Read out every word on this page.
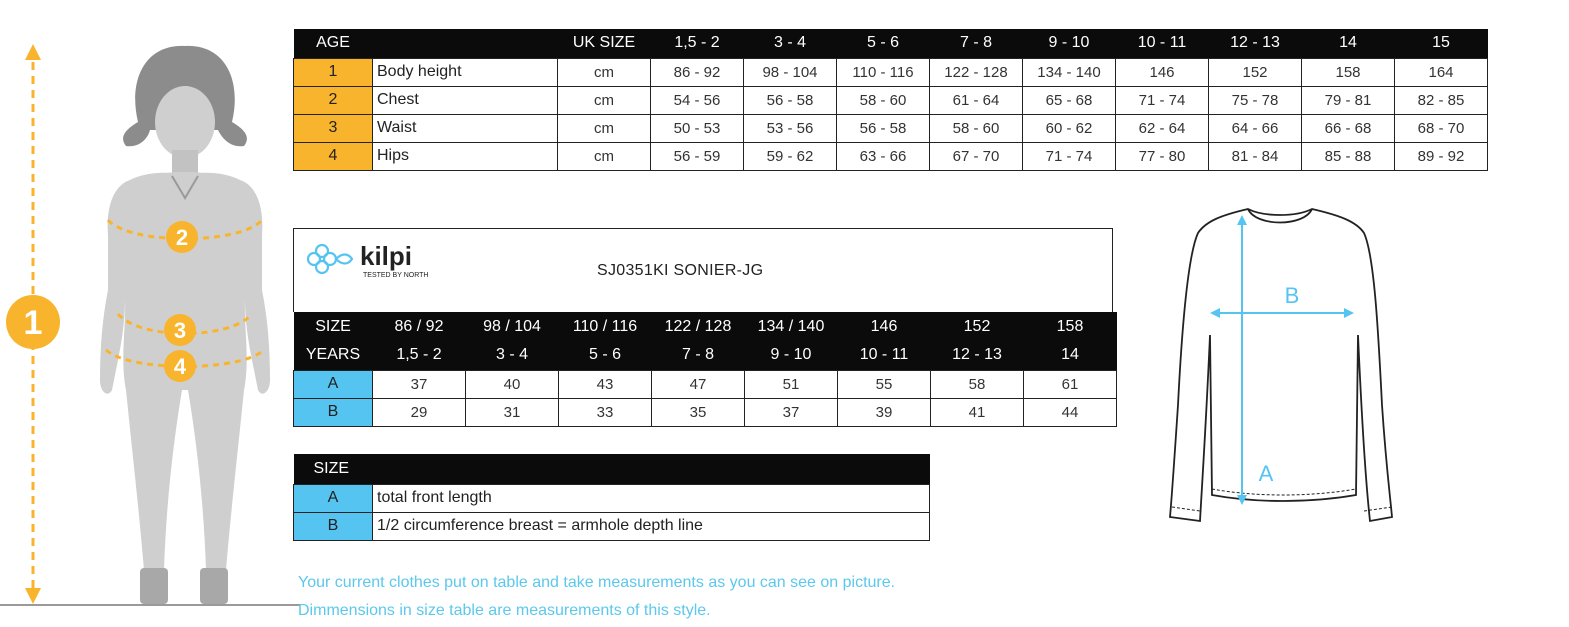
1
2
3
4
AGE		UK SIZE	1,5 - 2	3 - 4	5 - 6	7 - 8	9 - 10	10 - 11	12 - 13	14	15
1	Body height	cm	86 - 92	98 - 104	110 - 116	122 - 128	134 - 140	146	152	158	164
2	Chest	cm	54 - 56	56 - 58	58 - 60	61 - 64	65 - 68	71 - 74	75 - 78	79 - 81	82 - 85
3	Waist	cm	50 - 53	53 - 56	56 - 58	58 - 60	60 - 62	62 - 64	64 - 66	66 - 68	68 - 70
4	Hips	cm	56 - 59	59 - 62	63 - 66	67 - 70	71 - 74	77 - 80	81 - 84	85 - 88	89 - 92
kilpi
TESTED BY NORTH	SJ0351KI SONIER-JG
SIZE	86 / 92	98 / 104	110 / 116	122 / 128	134 / 140	146	152	158
YEARS	1,5 - 2	3 - 4	5 - 6	7 - 8	9 - 10	10 - 11	12 - 13	14
A	37	40	43	47	51	55	58	61
B	29	31	33	35	37	39	41	44
SIZE	
A	total front length
B	1/2 circumference breast = armhole depth line
B
A
Your current clothes put on table and take measurements as you can see on picture.
Dimmensions in size table are measurements of this style.
